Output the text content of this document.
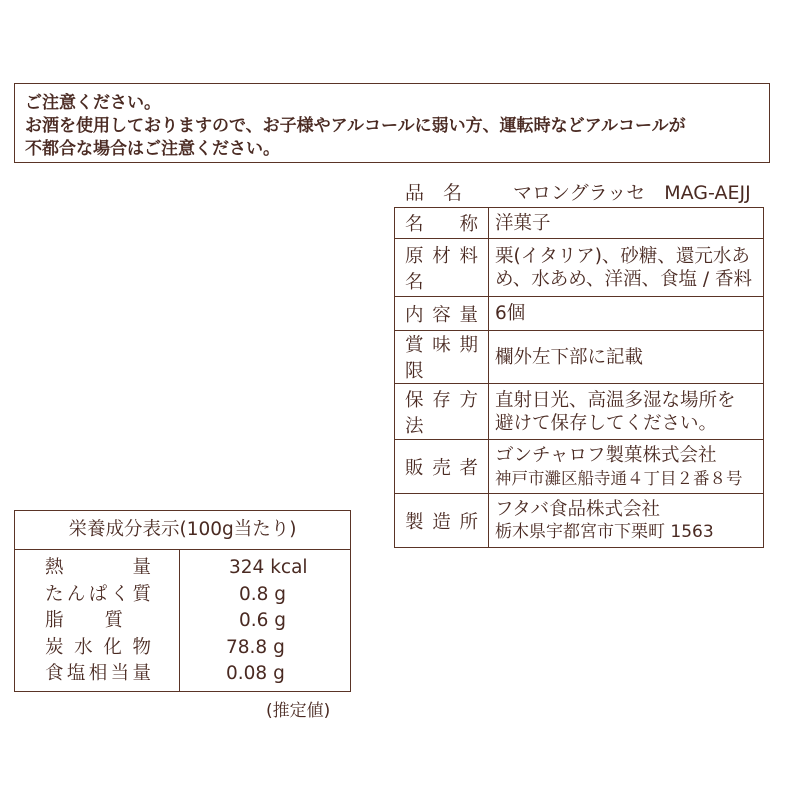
ご注意ください。
お酒を使用しておりますので、お子様やアルコールに弱い方、運転時などアルコールが
不都合な場合はご注意ください。
品　名	マロングラッセ　MAG-AEJJ
名称	洋菓子

原材料名	栗(イタリア)、砂糖、還元水あ
め、水あめ、洋酒、食塩 / 香料

内容量	6個

賞味期限	欄外左下部に記載

保存方法	直射日光、高温多湿な場所を
避けて保存してください。

販売者	ゴンチャロフ製菓株式会社
神戸市灘区船寺通４丁目２番８号

製造所	フタバ食品株式会社
栃木県宇都宮市下栗町 1563
栄養成分表示(100g当たり)
熱量	324 kcal
たんぱく質	0.8 g
脂質	0.6 g
炭水化物	78.8 g
食塩相当量	0.08 g
(推定値)
